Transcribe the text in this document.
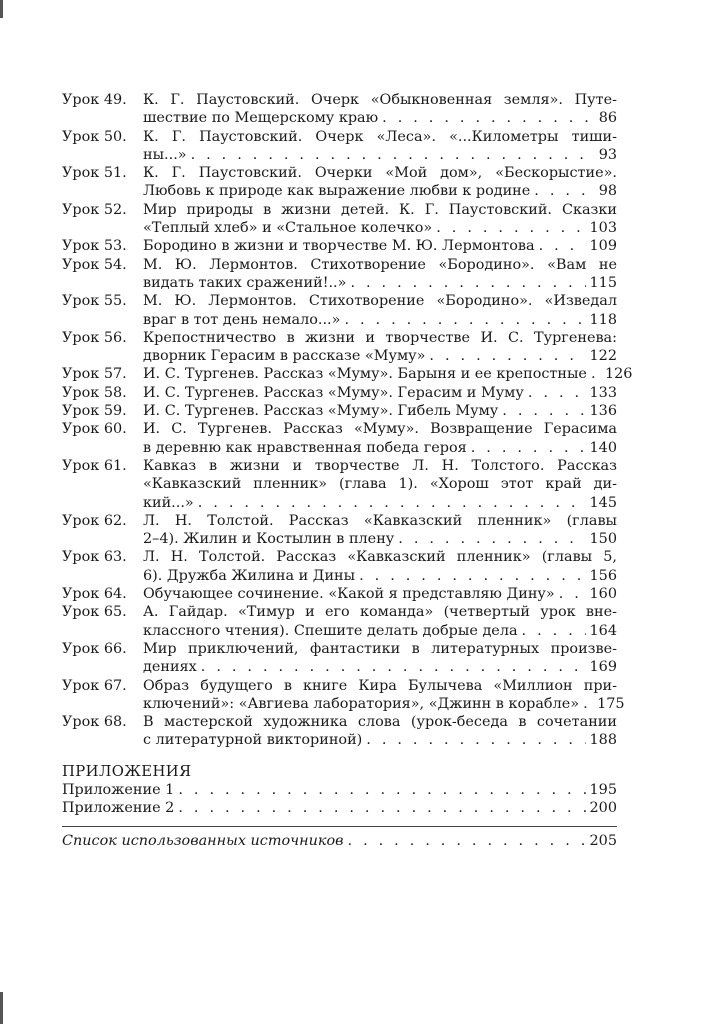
Урок 49.	К. Г. Паустовский. Очерк «Обыкновенная земля». Путе-
шествие по Мещерскому краю . . .	86
Урок 50.	К. Г. Паустовский. Очерк «Леса». «...Километры тиши-
ны...» . . .	93
Урок 51.	К. Г. Паустовский. Очерки «Мой дом», «Бескорыстие».
Любовь к природе как выражение любви к родине . . .	98
Урок 52.	Мир природы в жизни детей. К. Г. Паустовский. Сказки
«Теплый хлеб» и «Стальное колечко» . . .	103
Урок 53.	Бородино в жизни и творчестве М. Ю. Лермонтова . . .	109
Урок 54.	М. Ю. Лермонтов. Стихотворение «Бородино». «Вам не
видать таких сражений!..» . . .	115
Урок 55.	М. Ю. Лермонтов. Стихотворение «Бородино». «Изведал
враг в тот день немало...» . . .	118
Урок 56.	Крепостничество в жизни и творчестве И. С. Тургенева:
дворник Герасим в рассказе «Муму» . . .	122
Урок 57.	И. С. Тургенев. Рассказ «Муму». Барыня и ее крепостные . . . 126
Урок 58.	И. С. Тургенев. Рассказ «Муму». Герасим и Муму . . .	133
Урок 59.	И. С. Тургенев. Рассказ «Муму». Гибель Муму . . .	136
Урок 60.	И. С. Тургенев. Рассказ «Муму». Возвращение Герасима
в деревню как нравственная победа героя . . .	140
Урок 61.	Кавказ в жизни и творчестве Л. Н. Толстого. Рассказ
«Кавказский пленник» (глава 1). «Хорош этот край ди-
кий...» . . .	145
Урок 62.	Л. Н. Толстой. Рассказ «Кавказский пленник» (главы
2–4). Жилин и Костылин в плену . . .	150
Урок 63.	Л. Н. Толстой. Рассказ «Кавказский пленник» (главы 5,
6). Дружба Жилина и Дины . . .	156
Урок 64.	Обучающее сочинение. «Какой я представляю Дину» . . . 160
Урок 65.	А. Гайдар. «Тимур и его команда» (четвертый урок вне-
классного чтения). Спешите делать добрые дела . . .	164
Урок 66.	Мир приключений, фантастики в литературных произве-
дениях . . .	169
Урок 67.	Образ будущего в книге Кира Булычева «Миллион при-
ключений»: «Авгиева лаборатория», «Джинн в корабле» . . . 175
Урок 68.	В мастерской художника слова (урок-беседа в сочетании
с литературной викториной) . . .	188
ПРИЛОЖЕНИЯ
Приложение 1 . . .	195
Приложение 2 . . .	200
Список использованных источников . . .	205
